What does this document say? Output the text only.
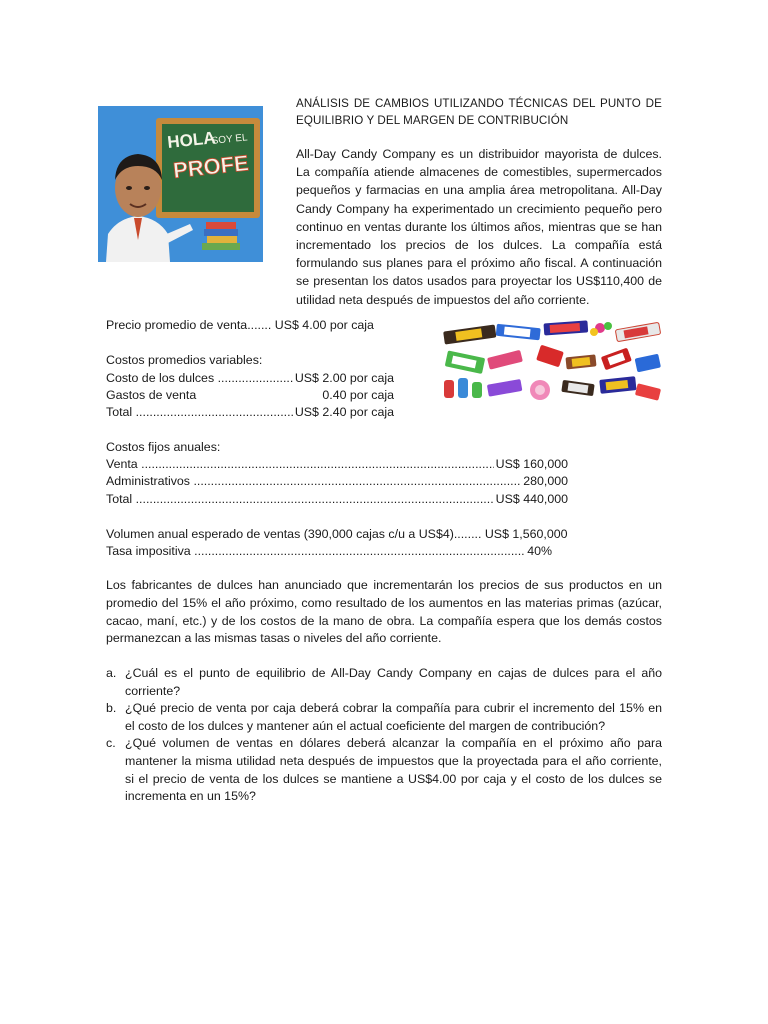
HOLA
SOY EL
PROFE
ANÁLISIS DE CAMBIOS UTILIZANDO TÉCNICAS DEL PUNTO DE EQUILIBRIO Y DEL MARGEN DE CONTRIBUCIÓN
All-Day Candy Company es un distribuidor mayorista de dulces. La compañía atiende almacenes de comestibles, supermercados pequeños y farmacias en una amplia área metropolitana. All-Day Candy Company ha experimentado un crecimiento pequeño pero continuo en ventas durante los últimos años, mientras que se han incrementado los precios de los dulces. La compañía está formulando sus planes para el próximo año fiscal. A continuación se presentan los datos usados para proyectar los US$110,400 de utilidad neta después de impuestos del año corriente.
Precio promedio de venta....... US$ 4.00 por caja
Costos promedios variables:
Costo de los dulces .....	US$ 2.00 por caja
Gastos de venta	0.40 por caja
Total .....	US$ 2.40 por caja
Costos fijos anuales:
Venta .....	US$ 160,000
Administrativos .....	280,000
Total .....	US$ 440,000
Volumen anual esperado de ventas (390,000 cajas c/u a US$4)........ US$ 1,560,000
Tasa impositiva .....	40%
Los fabricantes de dulces han anunciado que incrementarán los precios de sus productos en un promedio del 15% el año próximo, como resultado de los aumentos en las materias primas (azúcar, cacao, maní, etc.) y de los costos de la mano de obra. La compañía espera que los demás costos permanezcan a las mismas tasas o niveles del año corriente.
a. ¿Cuál es el punto de equilibrio de All-Day Candy Company en cajas de dulces para el año corriente?
b. ¿Qué precio de venta por caja deberá cobrar la compañía para cubrir el incremento del 15% en el costo de los dulces y mantener aún el actual coeficiente del margen de contribución?
c. ¿Qué volumen de ventas en dólares deberá alcanzar la compañía en el próximo año para mantener la misma utilidad neta después de impuestos que la proyectada para el año corriente, si el precio de venta de los dulces se mantiene a US$4.00 por caja y el costo de los dulces se incrementa en un 15%?
